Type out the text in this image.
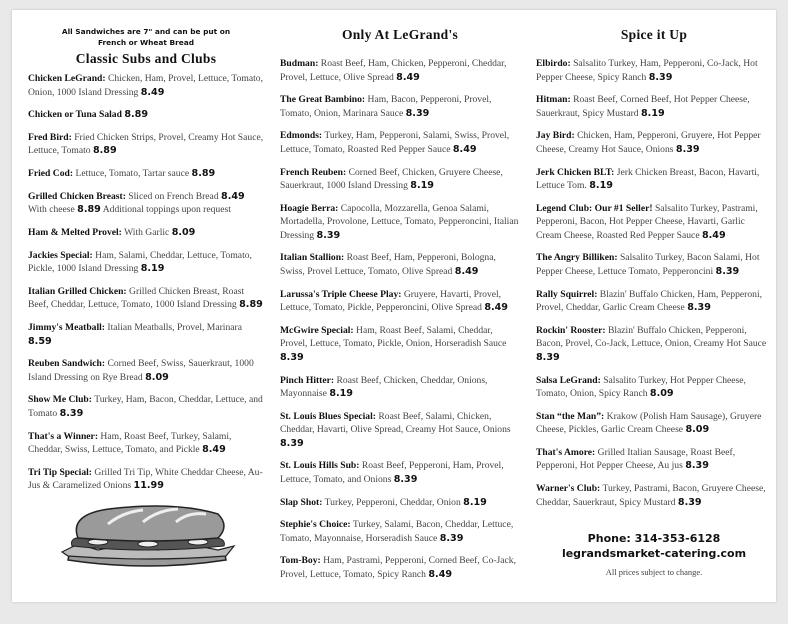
All Sandwiches are 7" and can be put on
French or Wheat Bread
Classic Subs and Clubs
Chicken LeGrand: Chicken, Ham, Provel, Lettuce, Tomato, Onion, 1000 Island Dressing 8.49
Chicken or Tuna Salad 8.89
Fred Bird: Fried Chicken Strips, Provel, Creamy Hot Sauce, Lettuce, Tomato 8.89
Fried Cod: Lettuce, Tomato, Tartar sauce 8.89
Grilled Chicken Breast: Sliced on French Bread 8.49
With cheese 8.89 Additional toppings upon request
Ham & Melted Provel: With Garlic 8.09
Jackies Special: Ham, Salami, Cheddar, Lettuce, Tomato, Pickle, 1000 Island Dressing 8.19
Italian Grilled Chicken: Grilled Chicken Breast, Roast Beef, Cheddar, Lettuce, Tomato, 1000 Island Dressing 8.89
Jimmy's Meatball: Italian Meatballs, Provel, Marinara 8.59
Reuben Sandwich: Corned Beef, Swiss, Sauerkraut, 1000 Island Dressing on Rye Bread 8.09
Show Me Club: Turkey, Ham, Bacon, Cheddar, Lettuce, and Tomato 8.39
That's a Winner: Ham, Roast Beef, Turkey, Salami, Cheddar, Swiss, Lettuce, Tomato, and Pickle 8.49
Tri Tip Special: Grilled Tri Tip, White Cheddar Cheese, Au-Jus & Caramelized Onions 11.99
Only At LeGrand's
Budman: Roast Beef, Ham, Chicken, Pepperoni, Cheddar, Provel, Lettuce, Olive Spread 8.49
The Great Bambino: Ham, Bacon, Pepperoni, Provel, Tomato, Onion, Marinara Sauce 8.39
Edmonds: Turkey, Ham, Pepperoni, Salami, Swiss, Provel, Lettuce, Tomato, Roasted Red Pepper Sauce 8.49
French Reuben: Corned Beef, Chicken, Gruyere Cheese, Sauerkraut, 1000 Island Dressing 8.19
Hoagie Berra: Capocolla, Mozzarella, Genoa Salami, Mortadella, Provolone, Lettuce, Tomato, Pepperoncini, Italian Dressing 8.39
Italian Stallion: Roast Beef, Ham, Pepperoni, Bologna, Swiss, Provel Lettuce, Tomato, Olive Spread 8.49
Larussa's Triple Cheese Play: Gruyere, Havarti, Provel, Lettuce, Tomato, Pickle, Pepperoncini, Olive Spread 8.49
McGwire Special: Ham, Roast Beef, Salami, Cheddar, Provel, Lettuce, Tomato, Pickle, Onion, Horseradish Sauce 8.39
Pinch Hitter: Roast Beef, Chicken, Cheddar, Onions, Mayonnaise 8.19
St. Louis Blues Special: Roast Beef, Salami, Chicken, Cheddar, Havarti, Olive Spread, Creamy Hot Sauce, Onions 8.39
St. Louis Hills Sub: Roast Beef, Pepperoni, Ham, Provel, Lettuce, Tomato, and Onions 8.39
Slap Shot: Turkey, Pepperoni, Cheddar, Onion 8.19
Stephie's Choice: Turkey, Salami, Bacon, Cheddar, Lettuce, Tomato, Mayonnaise, Horseradish Sauce 8.39
Tom-Boy: Ham, Pastrami, Pepperoni, Corned Beef, Co-Jack, Provel, Lettuce, Tomato, Spicy Ranch 8.49
Spice it Up
Elbirdo: Salsalito Turkey, Ham, Pepperoni, Co-Jack, Hot Pepper Cheese, Spicy Ranch 8.39
Hitman: Roast Beef, Corned Beef, Hot Pepper Cheese, Sauerkraut, Spicy Mustard 8.19
Jay Bird: Chicken, Ham, Pepperoni, Gruyere, Hot Pepper Cheese, Creamy Hot Sauce, Onions 8.39
Jerk Chicken BLT: Jerk Chicken Breast, Bacon, Havarti, Lettuce Tom. 8.19
Legend Club: Our #1 Seller! Salsalito Turkey, Pastrami, Pepperoni, Bacon, Hot Pepper Cheese, Havarti, Garlic Cream Cheese, Roasted Red Pepper Sauce 8.49
The Angry Billiken: Salsalito Turkey, Bacon Salami, Hot Pepper Cheese, Lettuce Tomato, Pepperoncini 8.39
Rally Squirrel: Blazin' Buffalo Chicken, Ham, Pepperoni, Provel, Cheddar, Garlic Cream Cheese 8.39
Rockin' Rooster: Blazin' Buffalo Chicken, Pepperoni, Bacon, Provel, Co-Jack, Lettuce, Onion, Creamy Hot Sauce 8.39
Salsa LeGrand: Salsalito Turkey, Hot Pepper Cheese, Tomato, Onion, Spicy Ranch 8.09
Stan “the Man”: Krakow (Polish Ham Sausage), Gruyere Cheese, Pickles, Garlic Cream Cheese 8.09
That's Amore: Grilled Italian Sausage, Roast Beef, Pepperoni, Hot Pepper Cheese, Au jus 8.39
Warner's Club: Turkey, Pastrami, Bacon, Gruyere Cheese, Cheddar, Sauerkraut, Spicy Mustard 8.39
Phone: 314-353-6128
legrandsmarket-catering.com
All prices subject to change.
